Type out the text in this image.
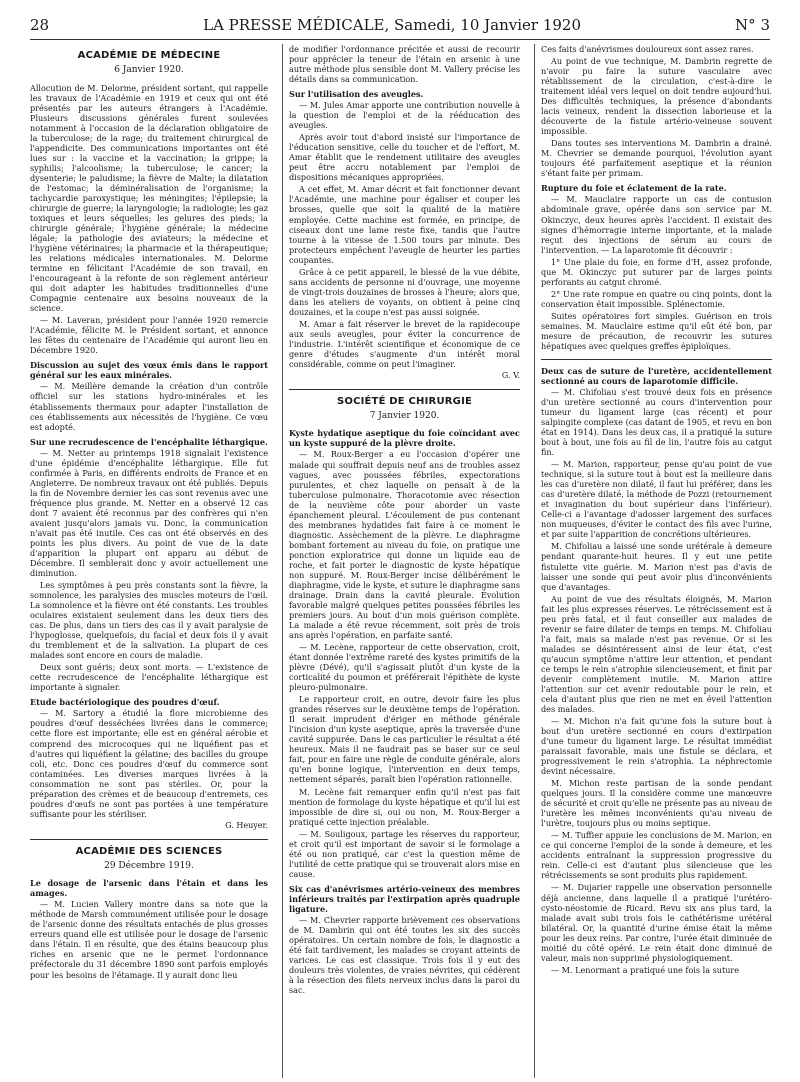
28	LA PRESSE MÉDICALE, Samedi, 10 Janvier 1920	N° 3
ACADÉMIE DE MÉDECINE
6 Janvier 1920.

Allocution de M. Delorme, président sortant, qui rappelle les travaux de l'Académie en 1919 et ceux qui ont été présentés par les auteurs étrangers à l'Académie. Plusieurs discussions générales furent soulevées notamment à l'occasion de la déclaration obligatoire de la tuberculose; de la rage; du traitement chirurgical de l'appendicite. Des communications importantes ont été lues sur : la vaccine et la vaccination; la grippe; la syphilis; l'alcoolisme; la tuberculose; le cancer; la dysenterie; le paludisme; la fièvre de Malte; la dilatation de l'estomac; la déminéralisation de l'organisme; la tachycardie paroxystique; les méningites; l'épilepsie; la chirurgie de guerre; la laryngologie; la radiologie; les gaz toxiques et leurs séquelles; les gelures des pieds; la chirurgie générale; l'hygiène générale; la médecine légale; la pathologie des aviateurs; la médecine et l'hygiène vétérinaires; la pharmacie et la thérapeutique; les relations médicales internationales. M. Delorme termine en félicitant l'Académie de son travail, en l'encourageant à la refonte de son règlement antérieur qui doit adapter les habitudes traditionnelles d'une Compagnie centenaire aux besoins nouveaux de la science.

— M. Laveran, président pour l'année 1920 remercie l'Académie, félicite M. le Président sortant, et annonce les fêtes du centenaire de l'Académie qui auront lieu en Décembre 1920.

Discussion au sujet des vœux émis dans le rapport général sur les eaux minérales.

— M. Meillère demande la création d'un contrôle officiel sur les stations hydro-minérales et les établissements thermaux pour adapter l'installation de ces établissements aux nécessités de l'hygiène. Ce vœu est adopté.

Sur une recrudescence de l'encéphalite léthargique.

— M. Netter au printemps 1918 signalait l'existence d'une épidémie d'encéphalite léthargique. Elle fut confirmée à Paris, en différents endroits de France et en Angleterre. De nombreux travaux ont été publiés. Depuis la fin de Novembre dernier les cas sont revenus avec une fréquence plus grande. M. Netter en a observé 12 cas dont 7 avaient été reconnus par des confrères qui n'en avaient jusqu'alors jamais vu. Donc, la communication n'avait pas été inutile. Ces cas ont été observés en des points les plus divers. Au point de vue de la date d'apparition la plupart ont apparu au début de Décembre. Il semblerait donc y avoir actuellement une diminution.

Les symptômes à peu près constants sont la fièvre, la somnolence, les paralysies des muscles moteurs de l'œil. La somnolence et la fièvre ont été constants. Les troubles oculaires existaient seulement dans les deux tiers des cas. De plus, dans un tiers des cas il y avait paralysie de l'hypoglosse, quelquefois, du facial et deux fois il y avait du tremblement et de la salivation. La plupart de ces malades sont encore en cours de maladie.

Deux sont guéris; deux sont morts. — L'existence de cette recrudescence de l'encéphalite léthargique est importante à signaler.

Etude bactériologique des poudres d'œuf.

— M. Sartory a étudié la flore microbienne des poudres d'œuf desséchées livrées dans le commerce; cette flore est importante; elle est en général aérobie et comprend des microcoques qui ne liquéfient pas et d'autres qui liquéfient la gélatine; des bacilles du groupe coli, etc. Donc ces poudres d'œuf du commerce sont contaminées. Les diverses marques livrées à la consommation ne sont pas stériles. Or, pour la préparation des crèmes et de beaucoup d'entremets, ces poudres d'œufs ne sont pas portées à une température suffisante pour les stériliser.

G. Heuyer.
ACADÉMIE DES SCIENCES
29 Décembre 1919.
Le dosage de l'arsenic dans l'étain et dans les amages.

— M. Lucien Vallery montre dans sa note que la méthode de Marsh communément utilisée pour le dosage de l'arsenic donne des résultats entachés de plus grosses erreurs quand elle est utilisée pour le dosage de l'arsenic dans l'étain. Il en résulte, que des étains beaucoup plus riches en arsenic que ne le permet l'ordonnance préfectorale du 31 décembre 1890 sont parfois employés pour les besoins de l'étamage. Il y aurait donc lieu

de modifier l'ordonnance précitée et aussi de recourir pour apprécier la teneur de l'étain en arsenic à une autre méthode plus sensible dont M. Vallery précise les détails dans sa communication.

Sur l'utilisation des aveugles.

— M. Jules Amar apporte une contribution nouvelle à la question de l'emploi et de la rééducation des aveugles.

Après avoir tout d'abord insisté sur l'importance de l'éducation sensitive, celle du toucher et de l'effort, M. Amar établit que le rendement utilitaire des aveugles peut être accru notablement par l'emploi de dispositions mécaniques appropriées.

A cet effet, M. Amar décrit et fait fonctionner devant l'Académie, une machine pour égaliser et couper les brosses, quelle que soit la qualité de la matière employée. Cette machine est formée, en principe, de ciseaux dont une lame reste fixe, tandis que l'autre tourne à la vitesse de 1.500 tours par minute. Des protecteurs empêchent l'aveugle de heurter les parties coupantes.

Grâce à ce petit appareil, le blessé de la vue débite, sans accidents de personne ni d'ouvrage, une moyenne de vingt-trois douzaines de brosses à l'heure; alors que, dans les ateliers de voyants, on obtient à peine cinq douzaines, et la coupe n'est pas aussi soignée.

M. Amar a fait réserver le brevet de la rapidecoupe aux seuls aveugles, pour éviter la concurrence de l'industrie. L'intérêt scientifique et économique de ce genre d'études s'augmente d'un intérêt moral considérable, comme on peut l'imaginer.

G. V.
SOCIÉTÉ DE CHIRURGIE
7 Janvier 1920.
Kyste hydatique aseptique du foie coïncidant avec un kyste suppuré de la plèvre droite.

— M. Roux-Berger a eu l'occasion d'opérer une malade qui souffrait depuis neuf ans de troubles assez vagues, avec poussées fébriles, expectorations purulentes, et chez laquelle on pensait à de la tuberculose pulmonaire. Thoracotomie avec résection de la neuvième côte pour aborder un vaste épanchement pleural. L'écoulement de pus contenant des membranes hydatides fait faire à ce moment le diagnostic. Assèchement de la plèvre. Le diaphragme bombant fortement au niveau du foie, on pratique une ponction exploratrice qui donne un liquide eau de roche, et fait porter le diagnostic de kyste hépatique non suppuré. M. Roux-Berger incise délibérément le diaphragme, vide le kyste, et suture le diaphragme sans drainage. Drain dans la cavité pleurale. Évolution favorable malgré quelques petites poussées fébriles les premiers jours. Au bout d'un mois guérison complète. La malade a été revue récemment, soit près de trois ans après l'opération, en parfaite santé.

— M. Lecène, rapporteur de cette observation, croit, étant donnée l'extrême rareté des kystes primitifs de la plèvre (Dévé), qu'il s'agissait plutôt d'un kyste de la corticalité du poumon et préférerait l'épithète de kyste pleuro-pulmonaire.

Le rapporteur croit, en outre, devoir faire les plus grandes réserves sur le deuxième temps de l'opération. Il serait imprudent d'ériger en méthode générale l'incision d'un kyste aseptique, après la traversée d'une cavité suppurée. Dans le cas particulier le résultat a été heureux. Mais il ne faudrait pas se baser sur ce seul fait, pour en faire une règle de conduite générale, alors qu'en bonne logique, l'intervention en deux temps, nettement séparés, paraît bien l'opération rationnelle.

M. Lecène fait remarquer enfin qu'il n'est pas fait mention de formolage du kyste hépatique et qu'il lui est impossible de dire si, oui ou non, M. Roux-Berger a pratiqué cette injection préalable.

— M. Souligoux, partage les réserves du rapporteur, et croit qu'il est important de savoir si le formolage a été ou non pratiqué, car c'est la question même de l'utilité de cette pratique qui se trouverait alors mise en cause.

Six cas d'anévrismes artério-veineux des membres inférieurs traités par l'extirpation après quadruple ligature.

— M. Chevrier rapporte brièvement ces observations de M. Dambrin qui ont été toutes les six des succès opératoires. Un certain nombre de fois, le diagnostic a été fait tardivement, les malades se croyant atteints de varices. Le cas est classique. Trois fois il y eut des douleurs très violentes, de vraies névrites, qui cédèrent à la résection des filets nerveux inclus dans la paroi du sac.

Ces faits d'anévrismes douloureux sont assez rares.

Au point de vue technique, M. Dambrin regrette de n'avoir pu faire la suture vasculaire avec rétablissement de la circulation, c'est-à-dire le traitement idéal vers lequel on doit tendre aujourd'hui. Des difficultés techniques, la présence d'abondants lacis veineux, rendent la dissection laborieuse et la découverte de la fistule artério-veineuse souvent impossible.

Dans toutes ses interventions M. Dambrin a drainé. M. Chevrier se demande pourquoi, l'évolution ayant toujours été parfaitement aseptique et la réunion s'étant faite per primam.

Rupture du foie et éclatement de la rate.

— M. Mauclaire rapporte un cas de contusion abdominale grave, opérée dans son service par M. Okinczyc, deux heures après l'accident. Il existait des signes d'hémorragie interne importante, et la malade reçut des injections de sérum au cours de l'intervention. — La laparotomie fit découvrir :

1° Une plaie du foie, en forme d'H, assez profonde, que M. Okinczyc put suturer par de larges points perforants au catgut chromé.

2° Une rate rompue en quatre ou cinq points, dont la conservation était impossible. Splénectomie.

Suites opératoires fort simples. Guérison en trois semaines. M. Mauclaire estime qu'il eût été bon, par mesure de précaution, de recouvrir les sutures hépatiques avec quelques greffes épiploïques.

Deux cas de suture de l'uretère, accidentellement sectionné au cours de laparotomie difficile.

— M. Chifoliau s'est trouvé deux fois en présence d'un uretère sectionné au cours d'intervention pour tumeur du ligament large (cas récent) et pour salpingite complexe (cas datant de 1905, et revu en bon état en 1914). Dans les deux cas, il a pratiqué la suture bout à bout, une fois au fil de lin, l'autre fois au catgut fin.

— M. Marion, rapporteur, pense qu'au point de vue technique, si la suture tout à bout est la meilleure dans les cas d'uretère non dilaté, il faut lui préférer, dans les cas d'uretère dilaté, la méthode de Pozzi (retournement et invagination du bout supérieur dans l'inférieur). Celle-ci a l'avantage d'adosser largement des surfaces non muqueuses, d'éviter le contact des fils avec l'urine, et par suite l'apparition de concrétions ultérieures.

M. Chifoliau a laissé une sonde urétérale à demeure pendant quarante-huit heures. Il y eut une petite fistulette vite guérie. M. Marion n'est pas d'avis de laisser une sonde qui peut avoir plus d'inconvénients que d'avantages.

Au point de vue des résultats éloignés, M. Marion fait les plus expresses réserves. Le rétrécissement est à peu près fatal, et il faut conseiller aux malades de revenir se faire dilater de temps en temps. M. Chifoliau l'a fait, mais sa malade n'est pas revenue. Or si les malades se désintéressent ainsi de leur état, c'est qu'aucun symptôme n'attire leur attention, et pendant ce temps le rein s'atrophie silencieusement, et finit par devenir complètement inutile. M. Marion attire l'attention sur cet avenir redoutable pour le rein, et cela d'autant plus que rien ne met en éveil l'attention des malades.

— M. Michon n'a fait qu'une fois la suture bout à bout d'un uretère sectionné en cours d'extirpation d'une tumeur du ligament large. Le résultat immédiat paraissait favorable, mais une fistule se déclara, et progressivement le rein s'atrophia. La néphrectomie devint nécessaire.

M. Michon reste partisan de la sonde pendant quelques jours. Il la considère comme une manœuvre de sécurité et croit qu'elle ne présente pas au niveau de l'uretère les mêmes inconvénients qu'au niveau de l'urètre, toujours plus ou moins septique.

— M. Tuffier appuie les conclusions de M. Marion, en ce qui concerne l'emploi de la sonde à demeure, et les accidents entraînant la suppression progressive du rein. Celle-ci est d'autant plus silencieuse que les rétrécissements se sont produits plus rapidement.

— M. Dujarier rappelle une observation personnelle déjà ancienne, dans laquelle il a pratiqué l'urétéro-cysto-néostomie de Ricard. Revu six ans plus tard, la malade avait subi trois fois le cathétérisme urétéral bilatéral. Or, la quantité d'urine émise était la même pour les deux reins. Par contre, l'urée était diminuée de moitié du côté opéré. Le rein était donc diminué de valeur, mais non supprimé physiologiquement.

— M. Lenormant a pratiqué une fois la suture
